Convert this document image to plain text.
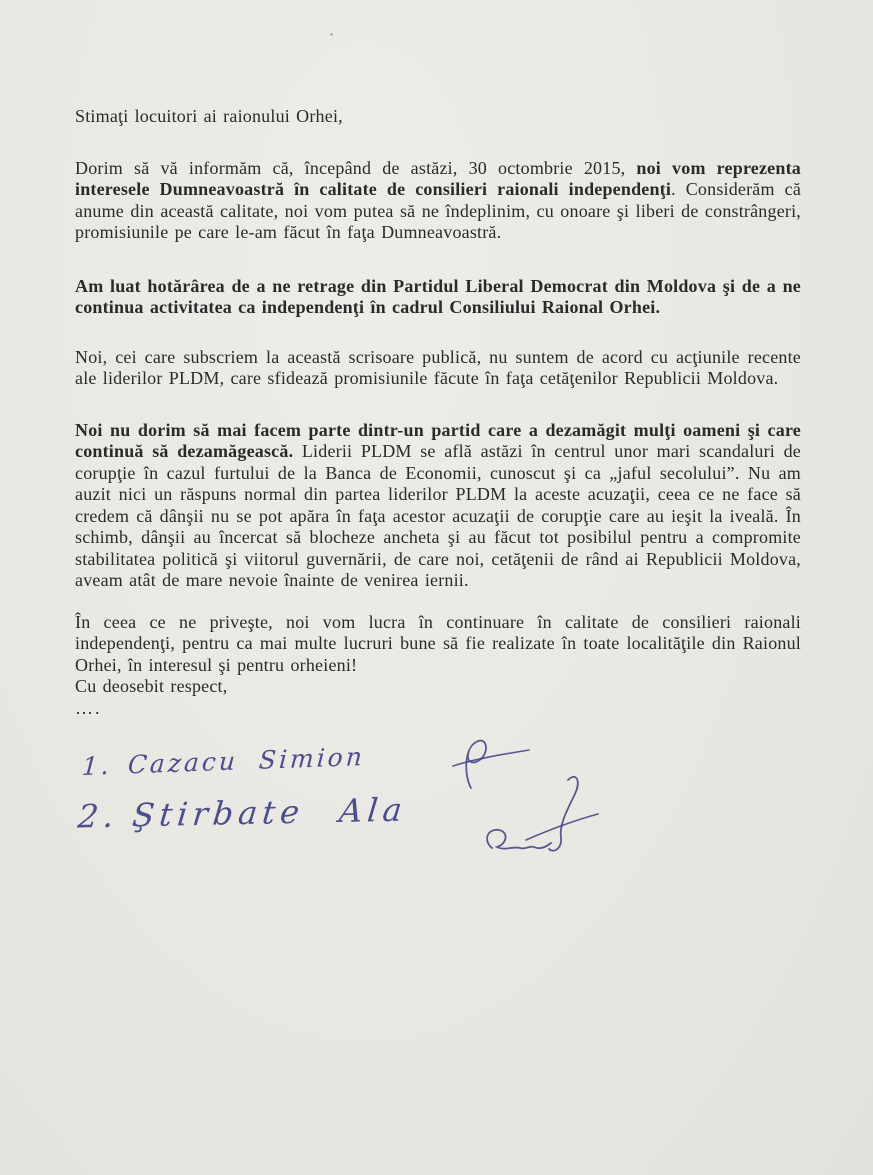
Stimaţi locuitori ai raionului Orhei,

Dorim să vă informăm că, începând de astăzi, 30 octombrie 2015, noi vom reprezenta interesele Dumneavoastră în calitate de consilieri raionali independenţi. Considerăm că anume din această calitate, noi vom putea să ne îndeplinim, cu onoare şi liberi de constrângeri, promisiunile pe care le-am făcut în faţa Dumneavoastră.

Am luat hotărârea de a ne retrage din Partidul Liberal Democrat din Moldova şi de a ne continua activitatea ca independenţi în cadrul Consiliului Raional Orhei.

Noi, cei care subscriem la această scrisoare publică, nu suntem de acord cu acţiunile recente ale liderilor PLDM, care sfidează promisiunile făcute în faţa cetăţenilor Republicii Moldova.

Noi nu dorim să mai facem parte dintr-un partid care a dezamăgit mulţi oameni şi care continuă să dezamăgească. Liderii PLDM se află astăzi în centrul unor mari scandaluri de corupţie în cazul furtului de la Banca de Economii, cunoscut şi ca „jaful secolului”. Nu am auzit nici un răspuns normal din partea liderilor PLDM la aceste acuzaţii, ceea ce ne face să credem că dânşii nu se pot apăra în faţa acestor acuzaţii de corupţie care au ieşit la iveală. În schimb, dânşii au încercat să blocheze ancheta şi au făcut tot posibilul pentru a compromite stabilitatea politică şi viitorul guvernării, de care noi, cetăţenii de rând ai Republicii Moldova, aveam atât de mare nevoie înainte de venirea iernii.

În ceea ce ne priveşte, noi vom lucra în continuare în calitate de consilieri raionali independenţi, pentru ca mai multe lucruri bune să fie realizate în toate localităţile din Raionul Orhei, în interesul şi pentru orheieni!

Cu deosebit respect,

….

1. Cazacu Simion
2. Ştirbate Ala
